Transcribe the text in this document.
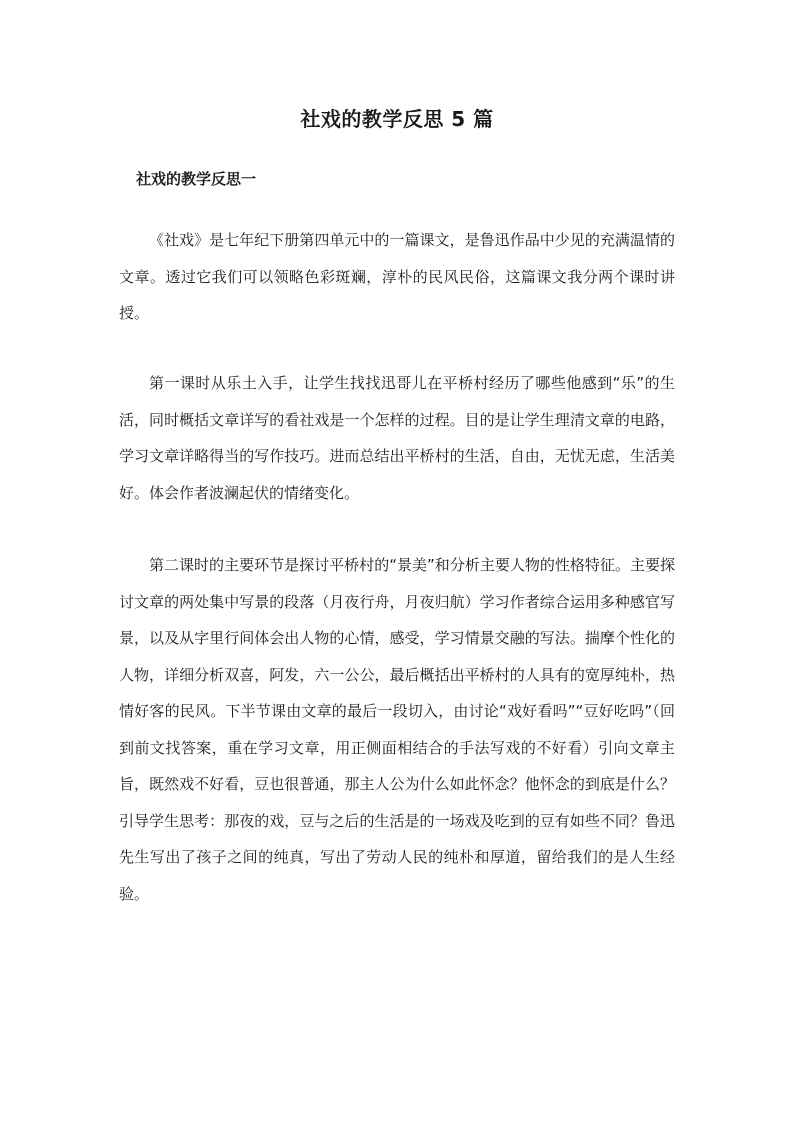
社戏的教学反思 5 篇
社戏的教学反思一

《社戏》是七年纪下册第四单元中的一篇课文，是鲁迅作品中少见的充满温情的文章。透过它我们可以领略色彩斑斓，淳朴的民风民俗，这篇课文我分两个课时讲授。

第一课时从乐土入手，让学生找找迅哥儿在平桥村经历了哪些他感到“乐”的生活，同时概括文章详写的看社戏是一个怎样的过程。目的是让学生理清文章的电路，学习文章详略得当的写作技巧。进而总结出平桥村的生活，自由，无忧无虑，生活美好。体会作者波澜起伏的情绪变化。

第二课时的主要环节是探讨平桥村的“景美”和分析主要人物的性格特征。主要探讨文章的两处集中写景的段落（月夜行舟，月夜归航）学习作者综合运用多种感官写景，以及从字里行间体会出人物的心情，感受，学习情景交融的写法。揣摩个性化的人物，详细分析双喜，阿发，六一公公，最后概括出平桥村的人具有的宽厚纯朴，热情好客的民风。下半节课由文章的最后一段切入，由讨论“戏好看吗”“豆好吃吗”（回到前文找答案，重在学习文章，用正侧面相结合的手法写戏的不好看）引向文章主旨，既然戏不好看，豆也很普通，那主人公为什么如此怀念？他怀念的到底是什么？引导学生思考：那夜的戏，豆与之后的生活是的一场戏及吃到的豆有如些不同？鲁迅先生写出了孩子之间的纯真，写出了劳动人民的纯朴和厚道，留给我们的是人生经验。
